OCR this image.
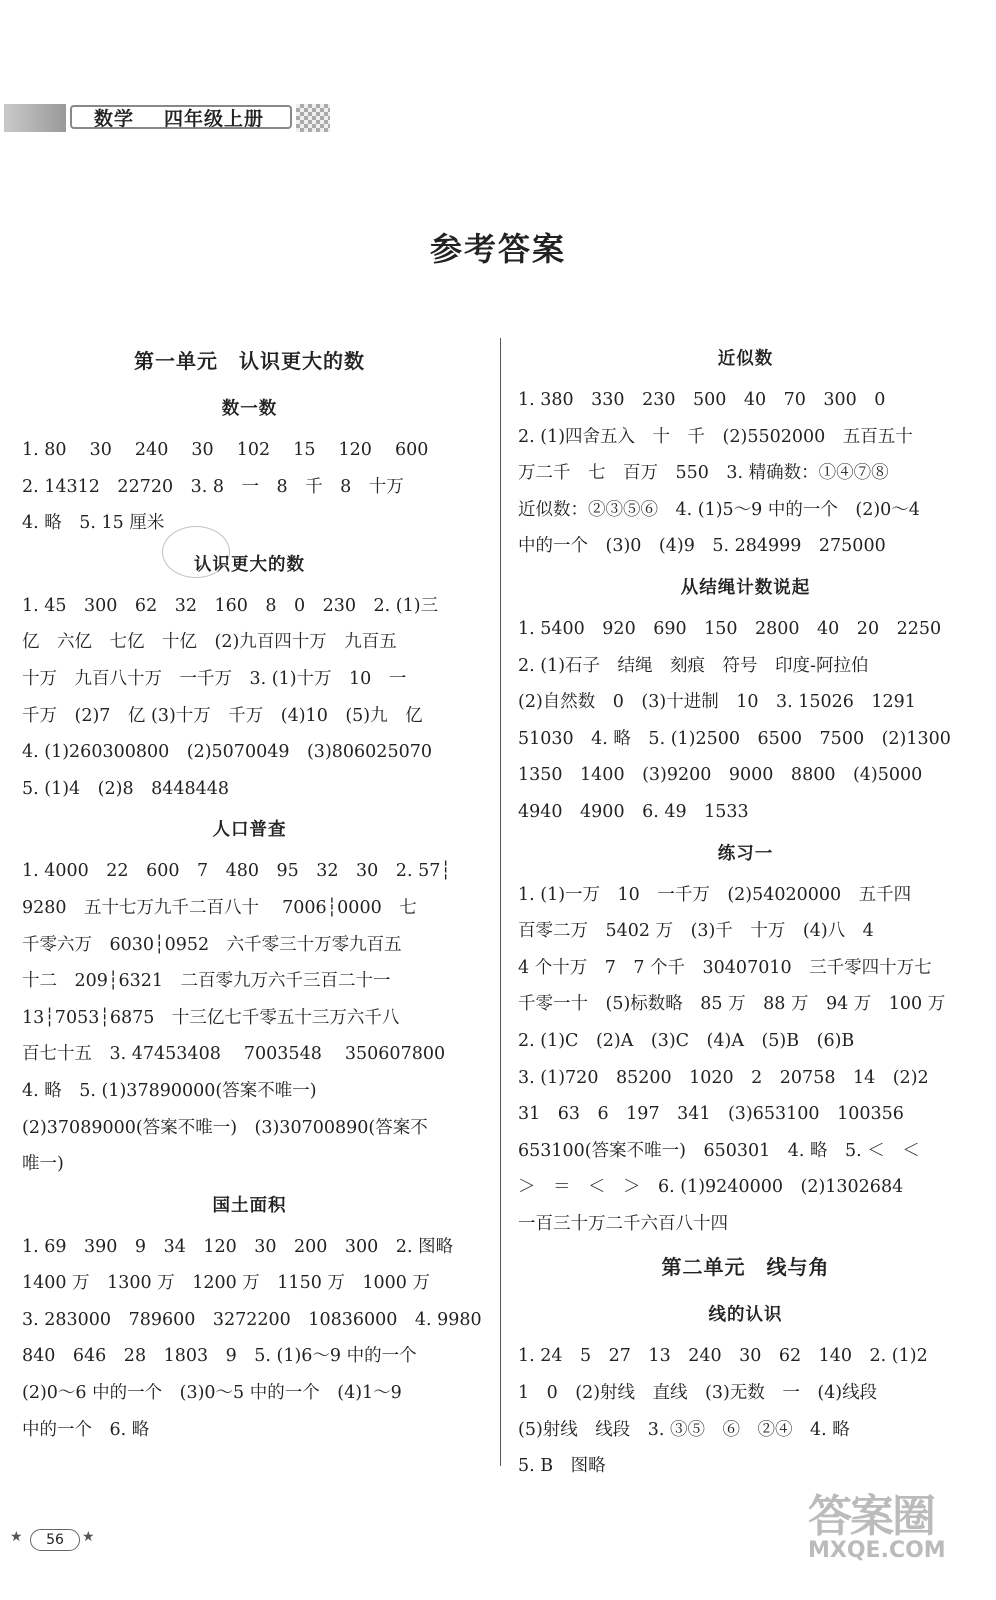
数学 四年级上册
参考答案
第一单元　认识更大的数
数一数
1. 80　 30　 240　 30　 102　 15　 120　 600
2. 14312　22720　3. 8　一　8　千　8　十万
4. 略　5. 15 厘米
认识更大的数
1. 45　300　62　32　160　8　0　230　2. (1)三
亿　六亿　七亿　十亿　(2)九百四十万　九百五
十万　九百八十万　一千万　3. (1)十万　10　一
千万　(2)7　亿 (3)十万　千万　(4)10　(5)九　亿
4. (1)260300800　(2)5070049　(3)806025070
5. (1)4　(2)8　8448448
人口普查
1. 4000　22　600　7　480　95　32　30　2. 57┆
9280　五十七万九千二百八十　 7006┆0000　七
千零六万　6030┆0952　六千零三十万零九百五
十二　209┆6321　二百零九万六千三百二十一
13┆7053┆6875　十三亿七千零五十三万六千八
百七十五　3. 47453408　 7003548　 350607800
4. 略　5. (1)37890000(答案不唯一)
(2)37089000(答案不唯一)　(3)30700890(答案不
唯一)
国土面积
1. 69　390　9　34　120　30　200　300　2. 图略
1400 万　1300 万　1200 万　1150 万　1000 万
3. 283000　789600　3272200　10836000　4. 9980
840　646　28　1803　9　5. (1)6～9 中的一个
(2)0～6 中的一个　(3)0～5 中的一个　(4)1～9
中的一个　6. 略
近似数
1. 380　330　230　500　40　70　300　0
2. (1)四舍五入　十　千　(2)5502000　五百五十
万二千　七　百万　550　3. 精确数：①④⑦⑧
近似数：②③⑤⑥　4. (1)5～9 中的一个　(2)0～4
中的一个　(3)0　(4)9　5. 284999　275000
从结绳计数说起
1. 5400　920　690　150　2800　40　20　2250
2. (1)石子　结绳　刻痕　符号　印度-阿拉伯
(2)自然数　0　(3)十进制　10　3. 15026　1291
51030　4. 略　5. (1)2500　6500　7500　(2)1300
1350　1400　(3)9200　9000　8800　(4)5000
4940　4900　6. 49　1533
练习一
1. (1)一万　10　一千万　(2)54020000　五千四
百零二万　5402 万　(3)千　十万　(4)八　4
4 个十万　7　7 个千　30407010　三千零四十万七
千零一十　(5)标数略　85 万　88 万　94 万　100 万
2. (1)C　(2)A　(3)C　(4)A　(5)B　(6)B
3. (1)720　85200　1020　2　20758　14　(2)2
31　63　6　197　341　(3)653100　100356
653100(答案不唯一)　650301　4. 略　5. ＜　＜
＞　＝　＜　＞　6. (1)9240000　(2)1302684
一百三十万二千六百八十四
第二单元　线与角
线的认识
1. 24　5　27　13　240　30　62　140　2. (1)2
1　0　(2)射线　直线　(3)无数　一　(4)线段
(5)射线　线段　3. ③⑤　⑥　②④　4. 略
5. B　图略
★	56	★	答案圈
MXQE.COM
